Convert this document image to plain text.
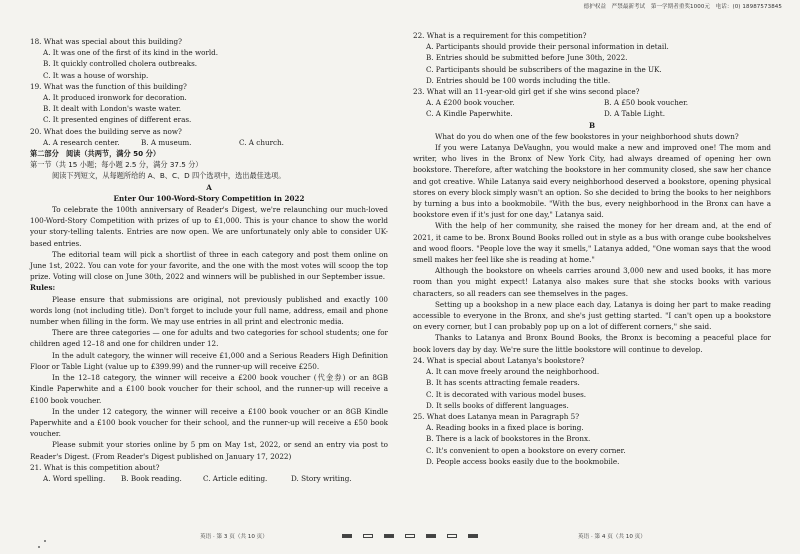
德护权益　严禁最新考试　第一学期者重奖1000元　电话：(0) 18987573845

18. What was special about this building?

A. It was one of the first of its kind in the world.

B. It quickly controlled cholera outbreaks.

C. It was a house of worship.

19. What was the function of this building?

A. It produced ironwork for decoration.

B. It dealt with London's waste water.

C. It presented engines of different eras.

20. What does the building serve as now?

A. A research center.	B. A museum.	C. A church.

第二部分　阅读（共两节，满分 50 分）

第一节（共 15 小题；每小题 2.5 分，满分 37.5 分）

阅读下列短文，从每题所给的 A、B、C、D 四个选项中，选出最佳选项。

A

Enter Our 100-Word-Story Competition in 2022

To celebrate the 100th anniversary of Reader's Digest, we're relaunching our much-loved 100-Word-Story Competition with prizes of up to £1,000. This is your chance to show the world your story-telling talents. Entries are now open. We are unfortunately only able to consider UK-based entries.

The editorial team will pick a shortlist of three in each category and post them online on June 1st, 2022. You can vote for your favorite, and the one with the most votes will scoop the top prize. Voting will close on June 30th, 2022 and winners will be published in our September issue.

Rules:

Please ensure that submissions are original, not previously published and exactly 100 words long (not including title). Don't forget to include your full name, address, email and phone number when filling in the form. We may use entries in all print and electronic media.

There are three categories — one for adults and two categories for school students; one for children aged 12–18 and one for children under 12.

In the adult category, the winner will receive £1,000 and a Serious Readers High Definition Floor or Table Light (value up to £399.99) and the runner-up will receive £250.

In the 12–18 category, the winner will receive a £200 book voucher (代金券) or an 8GB Kindle Paperwhite and a £100 book voucher for their school, and the runner-up will receive a £100 book voucher.

In the under 12 category, the winner will receive a £100 book voucher or an 8GB Kindle Paperwhite and a £100 book voucher for their school, and the runner-up will receive a £50 book voucher.

Please submit your stories online by 5 pm on May 1st, 2022, or send an entry via post to Reader's Digest. (From Reader's Digest published on January 17, 2022)

21. What is this competition about?

A. Word spelling.	B. Book reading.	C. Article editing.	D. Story writing.

22. What is a requirement for this competition?

A. Participants should provide their personal information in detail.

B. Entries should be submitted before June 30th, 2022.

C. Participants should be subscribers of the magazine in the UK.

D. Entries should be 100 words including the title.

23. What will an 11-year-old girl get if she wins second place?

A. A £200 book voucher.	B. A £50 book voucher.
C. A Kindle Paperwhite.	D. A Table Light.

B

What do you do when one of the few bookstores in your neighborhood shuts down?

If you were Latanya DeVaughn, you would make a new and improved one! The mom and writer, who lives in the Bronx of New York City, had always dreamed of opening her own bookstore. Therefore, after watching the bookstore in her community closed, she saw her chance and got creative. While Latanya said every neighborhood deserved a bookstore, opening physical stores on every block simply wasn't an option. So she decided to bring the books to her neighbors by turning a bus into a bookmobile. "With the bus, every neighborhood in the Bronx can have a bookstore even if it's just for one day," Latanya said.

With the help of her community, she raised the money for her dream and, at the end of 2021, it came to be. Bronx Bound Books rolled out in style as a bus with orange cube bookshelves and wood floors. "People love the way it smells," Latanya added, "One woman says that the wood smell makes her feel like she is reading at home."

Although the bookstore on wheels carries around 3,000 new and used books, it has more room than you might expect! Latanya also makes sure that she stocks books with various characters, so all readers can see themselves in the pages.

Setting up a bookshop in a new place each day, Latanya is doing her part to make reading accessible to everyone in the Bronx, and she's just getting started. "I can't open up a bookstore on every corner, but I can probably pop up on a lot of different corners," she said.

Thanks to Latanya and Bronx Bound Books, the Bronx is becoming a peaceful place for book lovers day by day. We're sure the little bookstore will continue to develop.

24. What is special about Latanya's bookstore?

A. It can move freely around the neighborhood.

B. It has scents attracting female readers.

C. It is decorated with various model buses.

D. It sells books of different languages.

25. What does Latanya mean in Paragraph 5?

A. Reading books in a fixed place is boring.

B. There is a lack of bookstores in the Bronx.

C. It's convenient to open a bookstore on every corner.

D. People access books easily due to the bookmobile.

英语 · 第 3 页（共 10 页）	英语 · 第 4 页（共 10 页）
